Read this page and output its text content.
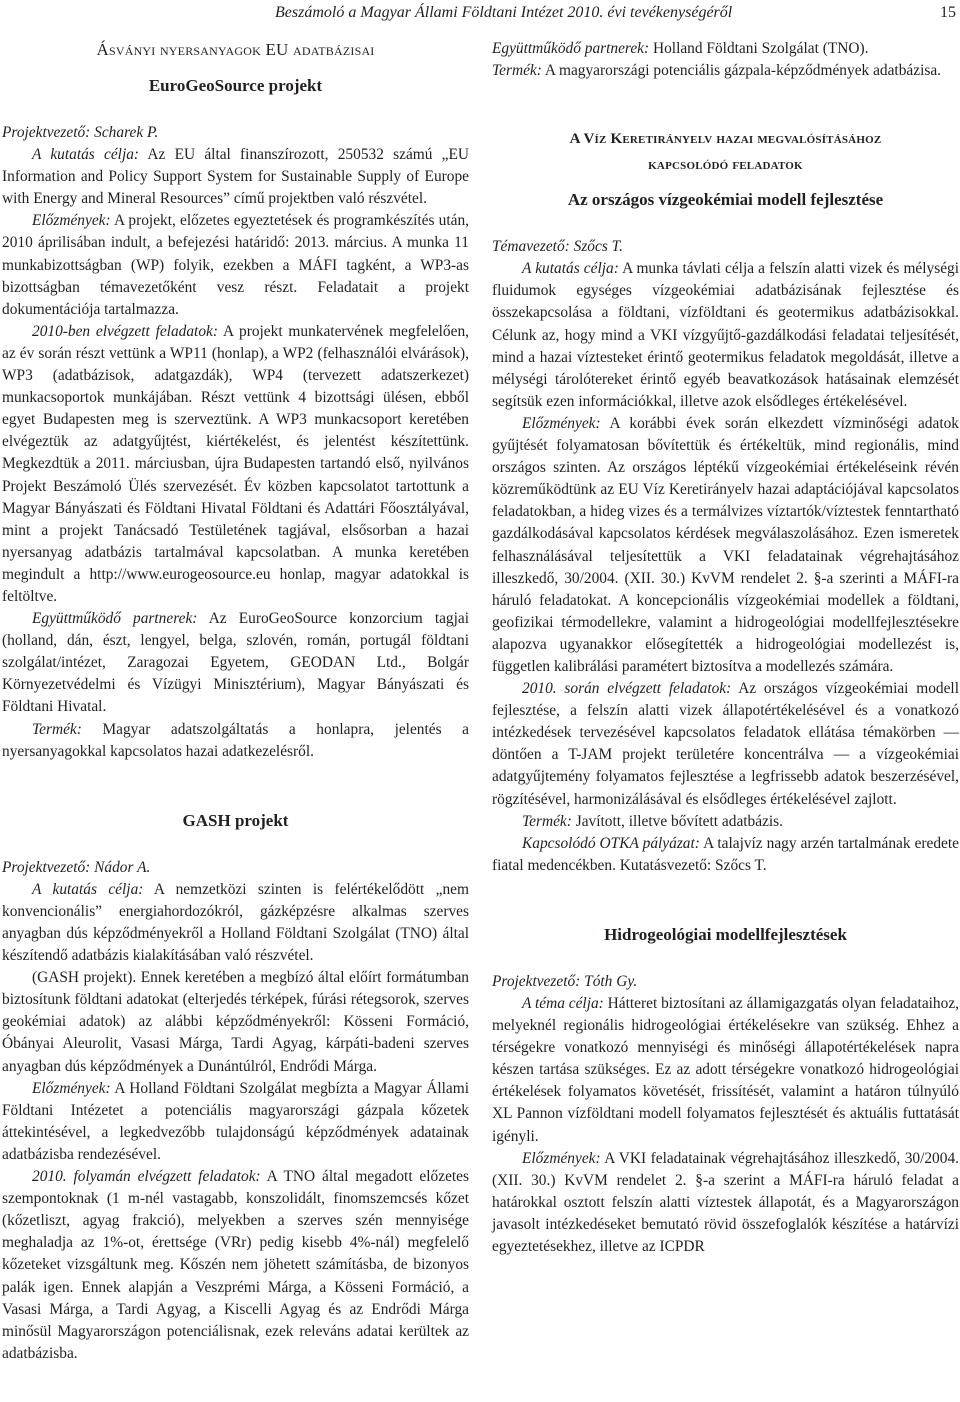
Beszámoló a Magyar Állami Földtani Intézet 2010. évi tevékenységéről	15
Ásványi nyersanyagok EU adatbázisai
EuroGeoSource projekt

Projektvezető: Scharek P.

A kutatás célja: Az EU által finanszírozott, 250532 számú „EU Information and Policy Support System for Sustainable Supply of Europe with Energy and Mineral Resources” című projektben való részvétel.

Előzmények: A projekt, előzetes egyeztetések és programkészítés után, 2010 áprilisában indult, a befejezési határidő: 2013. március. A munka 11 munkabizottságban (WP) folyik, ezekben a MÁFI tagként, a WP3-as bizottságban témavezetőként vesz részt. Feladatait a projekt dokumentációja tartalmazza.

2010-ben elvégzett feladatok: A projekt munkatervének megfelelően, az év során részt vettünk a WP11 (honlap), a WP2 (felhasználói elvárások), WP3 (adatbázisok, adatgazdák), WP4 (tervezett adatszerkezet) munkacsoportok munkájában. Részt vettünk 4 bizottsági ülésen, ebből egyet Budapesten meg is szerveztünk. A WP3 munkacsoport keretében elvégeztük az adatgyűjtést, kiértékelést, és jelentést készítettünk. Megkezdtük a 2011. márciusban, újra Budapesten tartandó első, nyilvános Projekt Beszámoló Ülés szervezését. Év közben kapcsolatot tartottunk a Magyar Bányászati és Földtani Hivatal Földtani és Adattári Főosztályával, mint a projekt Tanácsadó Testületének tagjával, elsősorban a hazai nyersanyag adatbázis tartalmával kapcsolatban. A munka keretében megindult a http://www.eurogeosource.eu honlap, magyar adatokkal is feltöltve.

Együttműködő partnerek: Az EuroGeoSource konzorcium tagjai (holland, dán, észt, lengyel, belga, szlovén, román, portugál földtani szolgálat/intézet, Zaragozai Egyetem, GEODAN Ltd., Bolgár Környezetvédelmi és Vízügyi Minisztérium), Magyar Bányászati és Földtani Hivatal.

Termék: Magyar adatszolgáltatás a honlapra, jelentés a nyersanyagokkal kapcsolatos hazai adatkezelésről.

GASH projekt

Projektvezető: Nádor A.

A kutatás célja: A nemzetközi szinten is felértékelődött „nem konvencionális” energiahordozókról, gázképzésre alkalmas szerves anyagban dús képződményekről a Holland Földtani Szolgálat (TNO) által készítendő adatbázis kialakításában való részvétel.

(GASH projekt). Ennek keretében a megbízó által előírt formátumban biztosítunk földtani adatokat (elterjedés térképek, fúrási rétegsorok, szerves geokémiai adatok) az alábbi képződményekről: Kösseni Formáció, Óbányai Aleurolit, Vasasi Márga, Tardi Agyag, kárpáti-badeni szerves anyagban dús képződmények a Dunántúlról, Endrődi Márga.

Előzmények: A Holland Földtani Szolgálat megbízta a Magyar Állami Földtani Intézetet a potenciális magyarországi gázpala kőzetek áttekintésével, a legkedvezőbb tulajdonságú képződmények adatainak adatbázisba rendezésével.

2010. folyamán elvégzett feladatok: A TNO által megadott előzetes szempontoknak (1 m-nél vastagabb, konszolidált, finomszemcsés kőzet (kőzetliszt, agyag frakció), melyekben a szerves szén mennyisége meghaladja az 1%-ot, érettsége (VRr) pedig kisebb 4%-nál) megfelelő kőzeteket vizsgáltunk meg. Kőszén nem jöhetett számításba, de bizonyos palák igen. Ennek alapján a Veszprémi Márga, a Kösseni Formáció, a Vasasi Márga, a Tardi Agyag, a Kiscelli Agyag és az Endrődi Márga minősül Magyarországon potenciálisnak, ezek releváns adatai kerültek az adatbázisba.

Együttműködő partnerek: Holland Földtani Szolgálat (TNO).

Termék: A magyarországi potenciális gázpala-képződmények adatbázisa.

A Víz Keretirányelv hazai megvalósításához
kapcsolódó feladatok
Az országos vízgeokémiai modell fejlesztése

Témavezető: Szőcs T.

A kutatás célja: A munka távlati célja a felszín alatti vizek és mélységi fluidumok egységes vízgeokémiai adatbázisának fejlesztése és összekapcsolása a földtani, vízföldtani és geotermikus adatbázisokkal. Célunk az, hogy mind a VKI vízgyűjtő-gazdálkodási feladatai teljesítését, mind a hazai víztesteket érintő geotermikus feladatok megoldását, illetve a mélységi tárolótereket érintő egyéb beavatkozások hatásainak elemzését segítsük ezen információkkal, illetve azok elsődleges értékelésével.

Előzmények: A korábbi évek során elkezdett vízminőségi adatok gyűjtését folyamatosan bővítettük és értékeltük, mind regionális, mind országos szinten. Az országos léptékű vízgeokémiai értékeléseink révén közreműködtünk az EU Víz Keretirányelv hazai adaptációjával kapcsolatos feladatokban, a hideg vizes és a termálvizes víztartók/víztestek fenntartható gazdálkodásával kapcsolatos kérdések megválaszolásához. Ezen ismeretek felhasználásával teljesítettük a VKI feladatainak végrehajtásához illeszkedő, 30/2004. (XII. 30.) KvVM rendelet 2. §-a szerinti a MÁFI-ra háruló feladatokat. A koncepcionális vízgeokémiai modellek a földtani, geofizikai térmodellekre, valamint a hidrogeológiai modellfejlesztésekre alapozva ugyanakkor elősegítették a hidrogeológiai modellezést is, független kalibrálási paramétert biztosítva a modellezés számára.

2010. során elvégzett feladatok: Az országos vízgeokémiai modell fejlesztése, a felszín alatti vizek állapotértékelésével és a vonatkozó intézkedések tervezésével kapcsolatos feladatok ellátása témakörben — döntően a T-JAM projekt területére koncentrálva — a vízgeokémiai adatgyűjtemény folyamatos fejlesztése a legfrissebb adatok beszerzésével, rögzítésével, harmonizálásával és elsődleges értékelésével zajlott.

Termék: Javított, illetve bővített adatbázis.

Kapcsolódó OTKA pályázat: A talajvíz nagy arzén tartalmának eredete fiatal medencékben. Kutatásvezető: Szőcs T.

Hidrogeológiai modellfejlesztések

Projektvezető: Tóth Gy.

A téma célja: Hátteret biztosítani az államigazgatás olyan feladataihoz, melyeknél regionális hidrogeológiai értékelésekre van szükség. Ehhez a térségekre vonatkozó mennyiségi és minőségi állapotértékelések napra készen tartása szükséges. Ez az adott térségekre vonatkozó hidrogeológiai értékelések folyamatos követését, frissítését, valamint a határon túlnyúló XL Pannon vízföldtani modell folyamatos fejlesztését és aktuális futtatását igényli.

Előzmények: A VKI feladatainak végrehajtásához illeszkedő, 30/2004. (XII. 30.) KvVM rendelet 2. §-a szerint a MÁFI-ra háruló feladat a határokkal osztott felszín alatti víztestek állapotát, és a Magyarországon javasolt intézkedéseket bemutató rövid összefoglalók készítése a határvízi egyeztetésekhez, illetve az ICPDR
